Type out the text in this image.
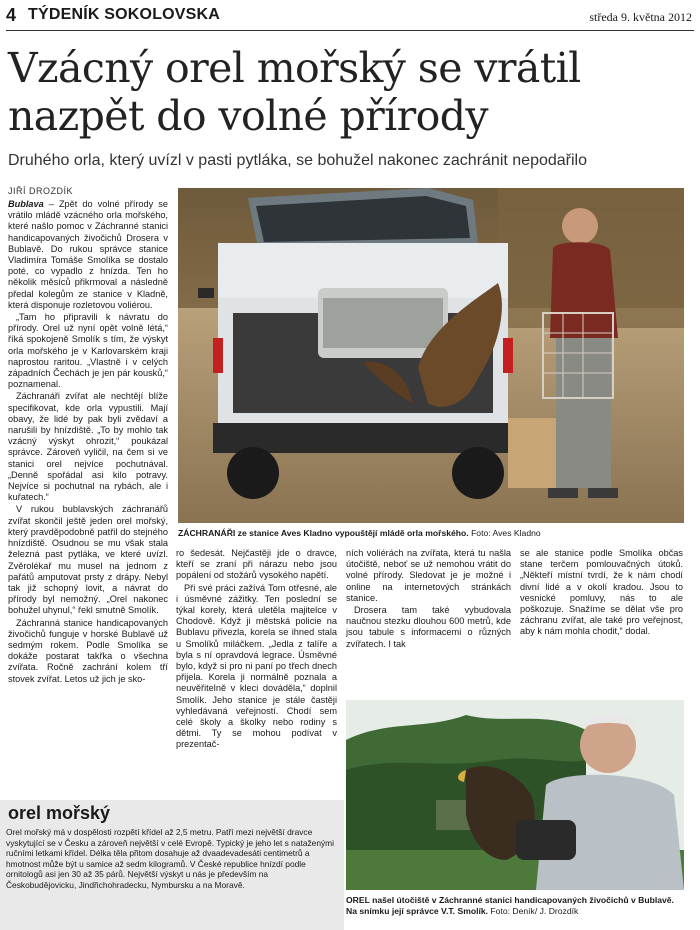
4 TÝDENÍK SOKOLOVSKA	středa 9. května 2012
Vzácný orel mořský se vrátil
nazpět do volné přírody
Druhého orla, který uvízl v pasti pytláka, se bohužel nakonec zachránit nepodařilo
JIŘÍ DROZDÍK

Bublava – Zpět do volné přírody se vrátilo mládě vzácného orla mořského, které našlo pomoc v Záchranné stanici handicapovaných živočichů Drosera v Bublavě. Do rukou správce stanice Vladimíra Tomáše Smolíka se dostalo poté, co vypadlo z hnízda. Ten ho několik měsíců přikrmoval a následně předal kolegům ze stanice v Kladně, která disponuje rozletovou voliérou.

„Tam ho připravili k návratu do přírody. Orel už nyní opět volně létá,“ říká spokojeně Smolík s tím, že výskyt orla mořského je v Karlovarském kraji naprostou raritou. „Vlastně i v celých západních Čechách je jen pár kousků,“ poznamenal.

Záchranáři zvířat ale nechtějí blíže specifikovat, kde orla vypustili. Mají obavy, že lidé by pak byli zvědaví a narušili by hnízdiště. „To by mohlo tak vzácný výskyt ohrozit,“ poukázal správce. Zároveň vyličil, na čem si ve stanici orel nejvíce pochutnával. „Denně spořádal asi kilo potravy. Nejvíce si pochutnal na rybách, ale i kuřatech.“

V rukou bublavských záchranářů zvířat skončil ještě jeden orel mořský, který pravděpodobně patřil do stejného hnízdiště. Osudnou se mu však stala železná past pytláka, ve které uvízl. Zvěrolékař mu musel na jednom z pařátů amputovat prsty z drápy. Nebyl tak již schopný lovit, a návrat do přírody byl nemožný. „Orel nakonec bohužel uhynul,“ řekl smutně Smolík.

Záchranná stanice handicapovaných živočichů funguje v horské Bublavě už sedmým rokem. Podle Smolíka se dokáže postarat takřka o všechna zvířata. Ročně zachrání kolem tří stovek zvířat. Letos už jich je sko-

ZÁCHRANÁŘI ze stanice Aves Kladno vypouštějí mládě orla mořského. Foto: Aves Kladno

ro šedesát. Nejčastěji jde o dravce, kteří se zraní při nárazu nebo jsou popálení od stožárů vysokého napětí.

Při své práci zažívá Tom otřesné, ale i úsměvné zážitky. Ten poslední se týkal korely, která uletěla majitelce v Chodově. Když ji městská policie na Bublavu přivezla, korela se ihned stala u Smolíků miláčkem. „Jedla z talíře a byla s ní opravdová legrace. Úsměvné bylo, když si pro ni paní po třech dnech přijela. Korela ji normálně poznala a neuvěřitelně v kleci dováděla,“ doplnil Smolík. Jeho stanice je stále častěji vyhledávaná veřejností. Chodí sem celé školy a školky nebo rodiny s dětmi. Ty se mohou podívat v prezentač-

ních voliérách na zvířata, která tu našla útočiště, neboť se už nemohou vrátit do volné přírody. Sledovat je je možné i online na internetových stránkách stanice.

Drosera tam také vybudovala naučnou stezku dlouhou 600 metrů, kde jsou tabule s informacemi o různých zvířatech. I tak

se ale stanice podle Smolíka občas stane terčem pomlouvačných útoků. „Někteří místní tvrdí, že k nám chodí divní lidé a v okolí kradou. Jsou to vesnické pomluvy, nás to ale poškozuje. Snažíme se dělat vše pro záchranu zvířat, ale také pro veřejnost, aby k nám mohla chodit,“ dodal.

OREL našel útočiště v Záchranné stanici handicapovaných živočichů v Bublavě. Na snímku její správce V.T. Smolík. Foto: Deník/ J. Drozdík
orel mořský
Orel mořský má v dospělosti rozpětí křídel až 2,5 metru. Patří mezi největší dravce vyskytující se v Česku a zároveň největší v celé Evropě. Typický je jeho let s nataženými ručními letkami křídel. Délka těla přitom dosahuje až dvaadevadesáti centimetrů a hmotnost může být u samice až sedm kilogramů. V České republice hnízdí podle ornitologů asi jen 30 až 35 párů. Největší výskyt u nás je především na Českobudějovicku, Jindřichohradecku, Nymbursku a na Moravě.
